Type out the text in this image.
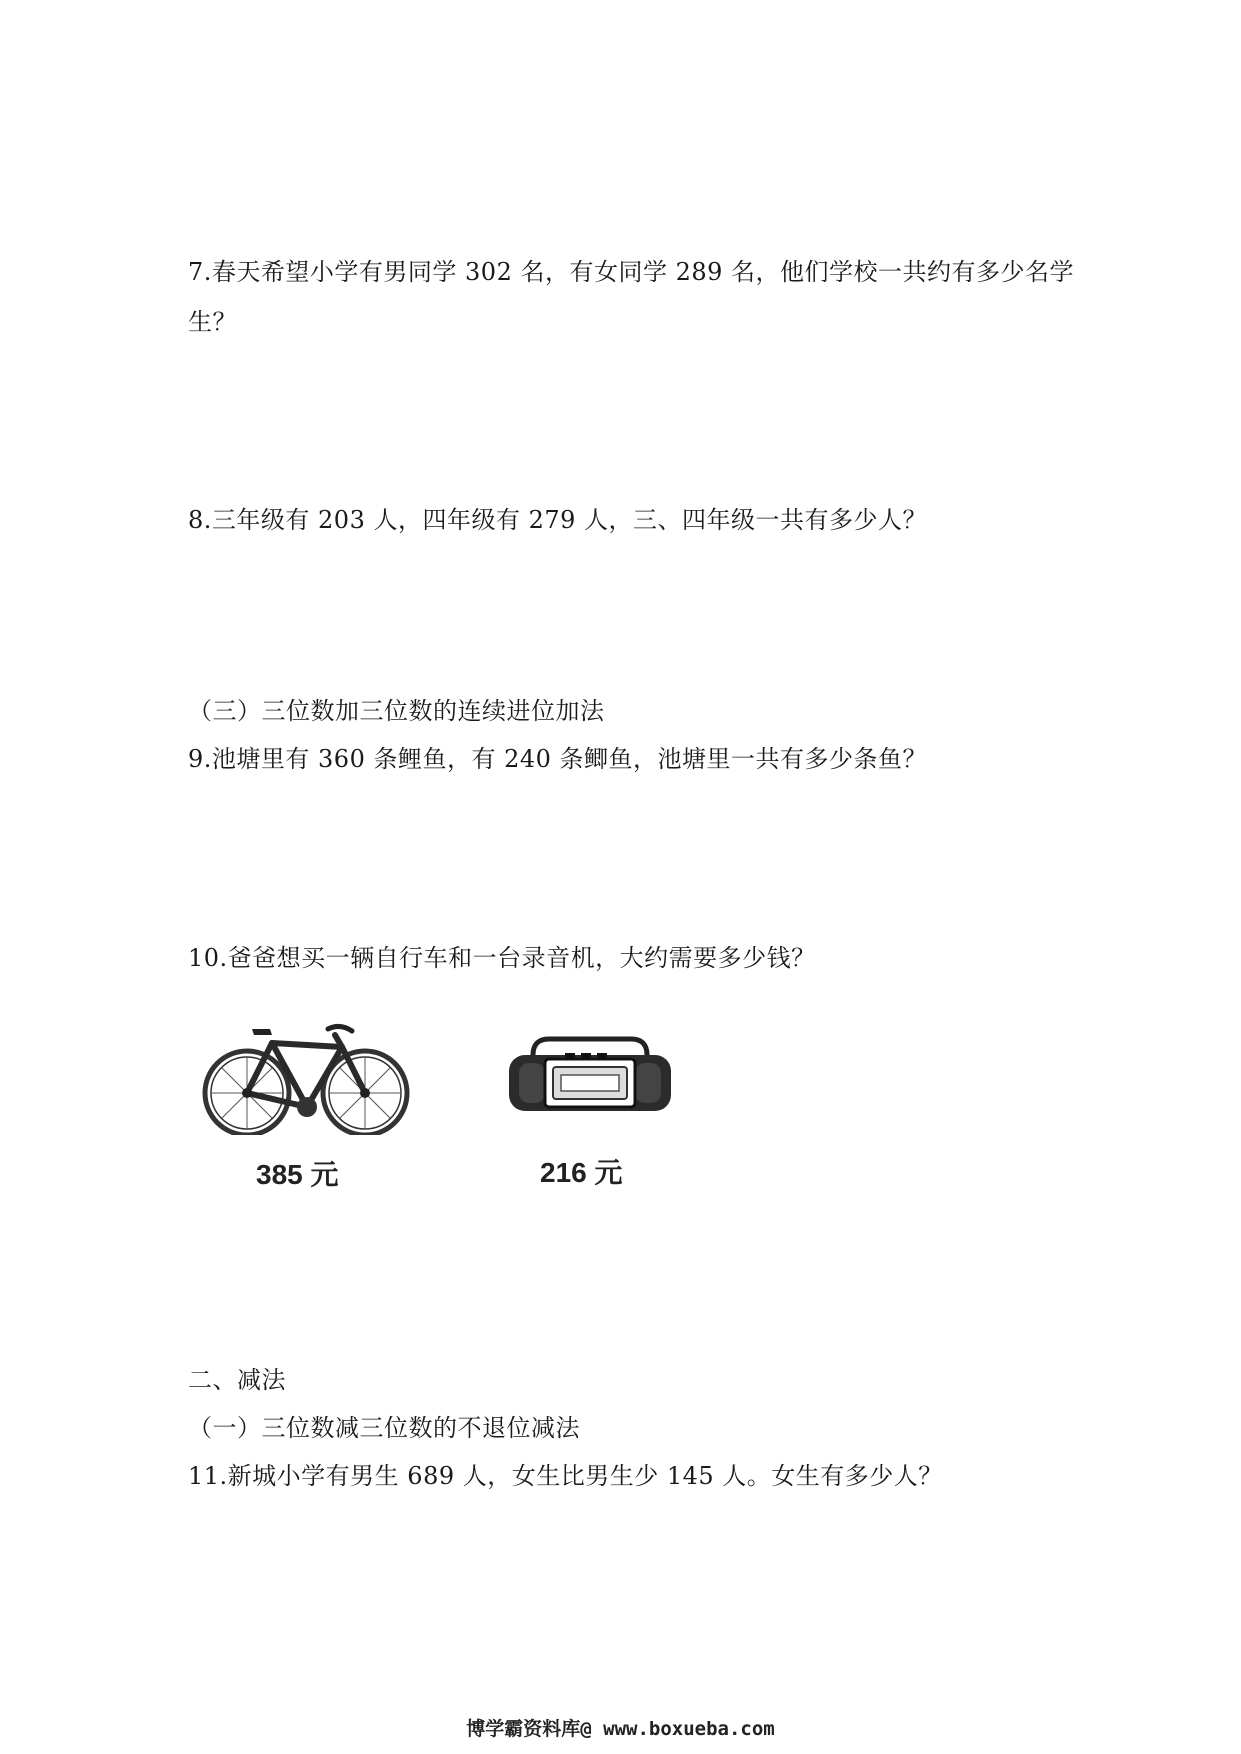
7.春天希望小学有男同学 302 名，有女同学 289 名，他们学校一共约有多少名学
生？
8.三年级有 203 人，四年级有 279 人，三、四年级一共有多少人？
（三）三位数加三位数的连续进位加法
9.池塘里有 360 条鲤鱼，有 240 条鲫鱼，池塘里一共有多少条鱼？
10.爸爸想买一辆自行车和一台录音机，大约需要多少钱？
385 元	216 元
二、减法
（一）三位数减三位数的不退位减法
11.新城小学有男生 689 人，女生比男生少 145 人。女生有多少人？
博学霸资料库@ www.boxueba.com
